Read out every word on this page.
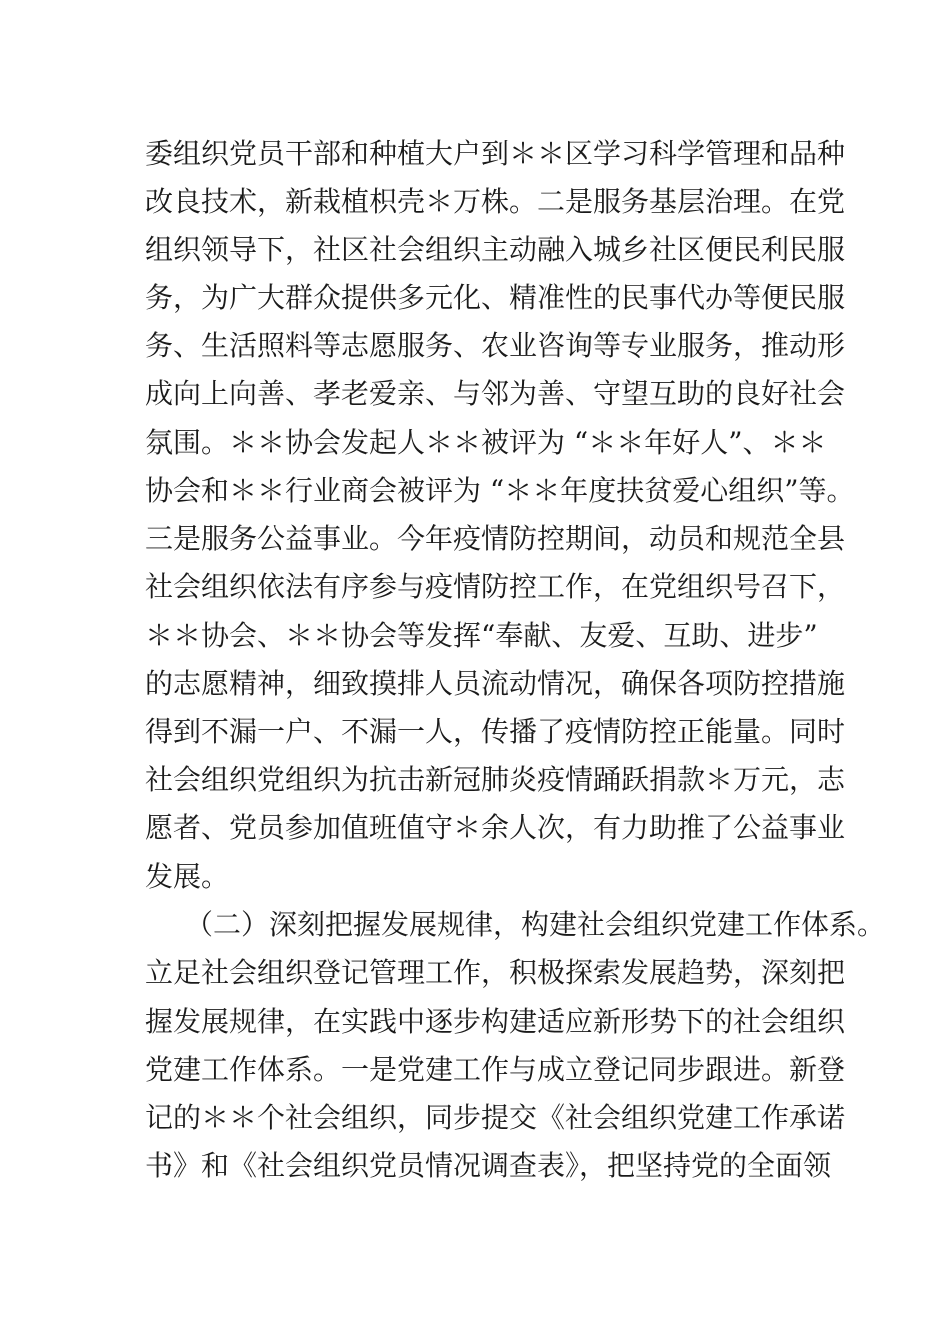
委组织党员干部和种植大户到＊＊区学习科学管理和品种
改良技术，新栽植枳壳＊万株。二是服务基层治理。在党
组织领导下，社区社会组织主动融入城乡社区便民利民服
务，为广大群众提供多元化、精准性的民事代办等便民服
务、生活照料等志愿服务、农业咨询等专业服务，推动形
成向上向善、孝老爱亲、与邻为善、守望互助的良好社会
氛围。＊＊协会发起人＊＊被评为 “＊＊年好人”、＊＊
协会和＊＊行业商会被评为 “＊＊年度扶贫爱心组织”等。
三是服务公益事业。今年疫情防控期间，动员和规范全县
社会组织依法有序参与疫情防控工作，在党组织号召下，
＊＊协会、＊＊协会等发挥“奉献、友爱、互助、进步”
的志愿精神，细致摸排人员流动情况，确保各项防控措施
得到不漏一户、不漏一人，传播了疫情防控正能量。同时
社会组织党组织为抗击新冠肺炎疫情踊跃捐款＊万元，志
愿者、党员参加值班值守＊余人次，有力助推了公益事业
发展。
（二）深刻把握发展规律，构建社会组织党建工作体系。
立足社会组织登记管理工作，积极探索发展趋势，深刻把
握发展规律，在实践中逐步构建适应新形势下的社会组织
党建工作体系。一是党建工作与成立登记同步跟进。新登
记的＊＊个社会组织，同步提交《社会组织党建工作承诺
书》和《社会组织党员情况调查表》，把坚持党的全面领
